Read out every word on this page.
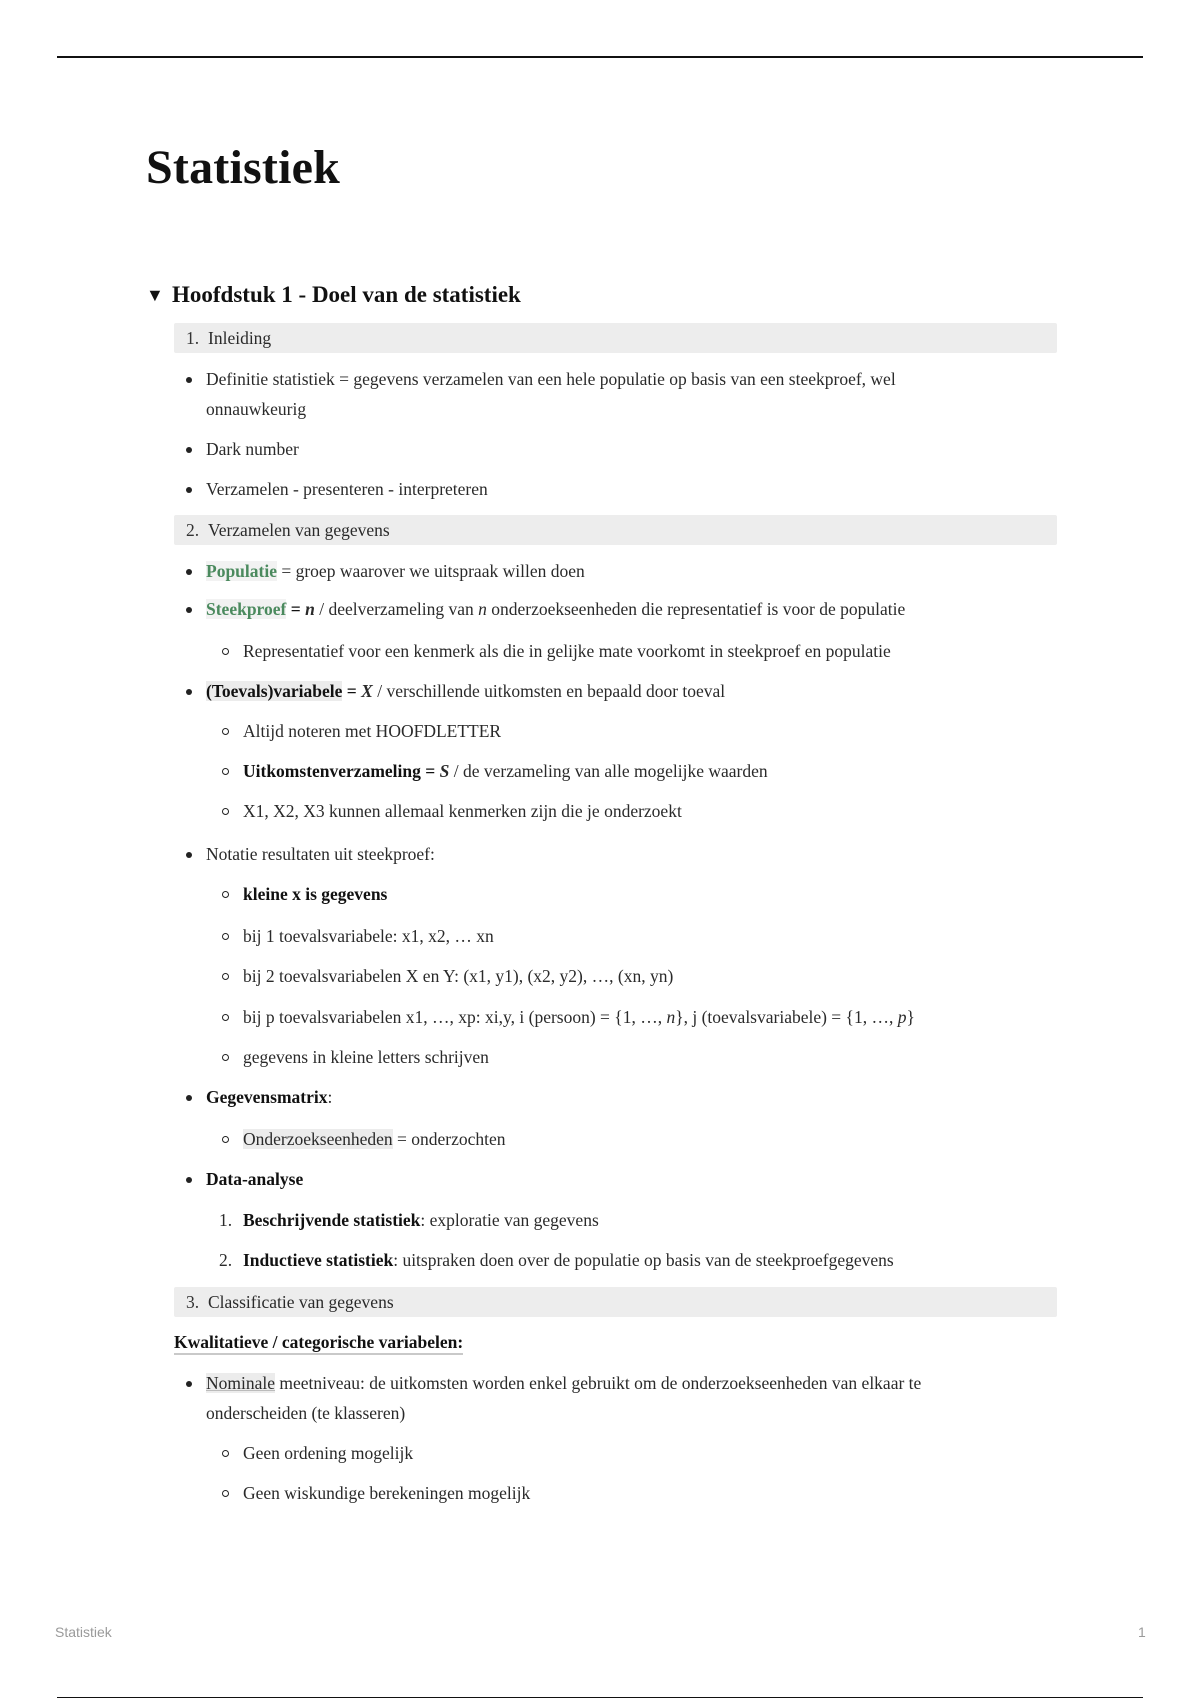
Statistiek
▼ Hoofdstuk 1 - Doel van de statistiek
1. Inleiding
Definitie statistiek = gegevens verzamelen van een hele populatie op basis van een steekproef, wel
onnauwkeurig
Dark number
Verzamelen - presenteren - interpreteren
2. Verzamelen van gegevens
Populatie = groep waarover we uitspraak willen doen
Steekproef = n / deelverzameling van n onderzoekseenheden die representatief is voor de populatie
Representatief voor een kenmerk als die in gelijke mate voorkomt in steekproef en populatie
(Toevals)variabele = X / verschillende uitkomsten en bepaald door toeval
Altijd noteren met HOOFDLETTER
Uitkomstenverzameling = S / de verzameling van alle mogelijke waarden
X1, X2, X3 kunnen allemaal kenmerken zijn die je onderzoekt
Notatie resultaten uit steekproef:
kleine x is gegevens
bij 1 toevalsvariabele: x1, x2, … xn
bij 2 toevalsvariabelen X en Y: (x1, y1), (x2, y2), …, (xn, yn)
bij p toevalsvariabelen x1, …, xp: xi,y, i (persoon) = {1, …, n}, j (toevalsvariabele) = {1, …, p}
gegevens in kleine letters schrijven
Gegevensmatrix:
Onderzoekseenheden = onderzochten
Data-analyse
1. Beschrijvende statistiek: exploratie van gegevens
2. Inductieve statistiek: uitspraken doen over de populatie op basis van de steekproefgegevens
3. Classificatie van gegevens
Kwalitatieve / categorische variabelen:
Nominale meetniveau: de uitkomsten worden enkel gebruikt om de onderzoekseenheden van elkaar te
onderscheiden (te klasseren)
Geen ordening mogelijk
Geen wiskundige berekeningen mogelijk
Statistiek	1
